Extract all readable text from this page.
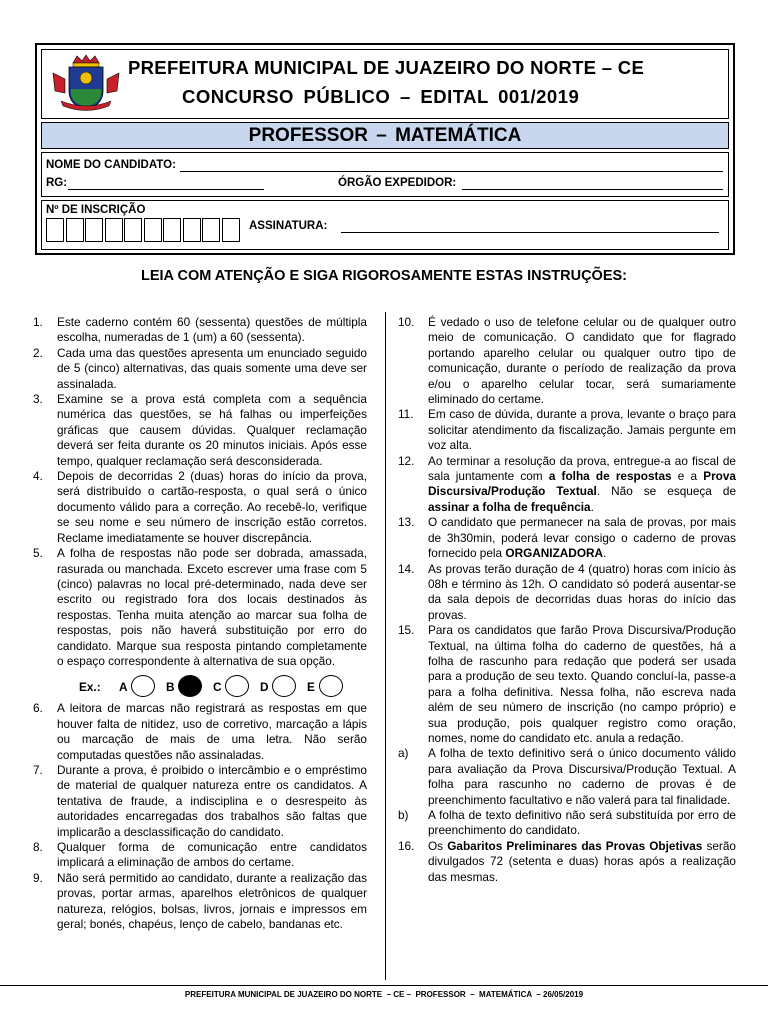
PREFEITURA MUNICIPAL DE JUAZEIRO DO NORTE – CE
CONCURSO PÚBLICO – EDITAL 001/2019
PROFESSOR – MATEMÁTICA
NOME DO CANDIDATO:
RG:	ÓRGÃO EXPEDIDOR:
Nº DE INSCRIÇÃO
ASSINATURA:
LEIA COM ATENÇÃO E SIGA RIGOROSAMENTE ESTAS INSTRUÇÕES:
1. Este caderno contém 60 (sessenta) questões de múltipla escolha, numeradas de 1 (um) a 60 (sessenta).
2. Cada uma das questões apresenta um enunciado seguido de 5 (cinco) alternativas, das quais somente uma deve ser assinalada.
3. Examine se a prova está completa com a sequência numérica das questões, se há falhas ou imperfeições gráficas que causem dúvidas. Qualquer reclamação deverá ser feita durante os 20 minutos iniciais. Após esse tempo, qualquer reclamação será desconsiderada.
4. Depois de decorridas 2 (duas) horas do início da prova, será distribuído o cartão-resposta, o qual será o único documento válido para a correção. Ao recebê-lo, verifique se seu nome e seu número de inscrição estão corretos. Reclame imediatamente se houver discrepância.
5. A folha de respostas não pode ser dobrada, amassada, rasurada ou manchada. Exceto escrever uma frase com 5 (cinco) palavras no local pré-determinado, nada deve ser escrito ou registrado fora dos locais destinados às respostas. Tenha muita atenção ao marcar sua folha de respostas, pois não haverá substituição por erro do candidato. Marque sua resposta pintando completamente o espaço correspondente à alternativa de sua opção.
Ex.: A	B	C	D	E
6. A leitora de marcas não registrará as respostas em que houver falta de nitidez, uso de corretivo, marcação a lápis ou marcação de mais de uma letra. Não serão computadas questões não assinaladas.
7. Durante a prova, é proibido o intercâmbio e o empréstimo de material de qualquer natureza entre os candidatos. A tentativa de fraude, a indisciplina e o desrespeito às autoridades encarregadas dos trabalhos são faltas que implicarão a desclassificação do candidato.
8. Qualquer forma de comunicação entre candidatos implicará a eliminação de ambos do certame.
9. Não será permitido ao candidato, durante a realização das provas, portar armas, aparelhos eletrônicos de qualquer natureza, relógios, bolsas, livros, jornais e impressos em geral; bonés, chapéus, lenço de cabelo, bandanas etc.
10. É vedado o uso de telefone celular ou de qualquer outro meio de comunicação. O candidato que for flagrado portando aparelho celular ou qualquer outro tipo de comunicação, durante o período de realização da prova e/ou o aparelho celular tocar, será sumariamente eliminado do certame.
11. Em caso de dúvida, durante a prova, levante o braço para solicitar atendimento da fiscalização. Jamais pergunte em voz alta.
12. Ao terminar a resolução da prova, entregue-a ao fiscal de sala juntamente com a folha de respostas e a Prova Discursiva/Produção Textual. Não se esqueça de assinar a folha de frequência.
13. O candidato que permanecer na sala de provas, por mais de 3h30min, poderá levar consigo o caderno de provas fornecido pela ORGANIZADORA.
14. As provas terão duração de 4 (quatro) horas com início às 08h e término às 12h. O candidato só poderá ausentar-se da sala depois de decorridas duas horas do início das provas.
15. Para os candidatos que farão Prova Discursiva/Produção Textual, na última folha do caderno de questões, há a folha de rascunho para redação que poderá ser usada para a produção de seu texto. Quando concluí-la, passe-a para a folha definitiva. Nessa folha, não escreva nada além de seu número de inscrição (no campo próprio) e sua produção, pois qualquer registro como oração, nomes, nome do candidato etc. anula a redação.
a) A folha de texto definitivo será o único documento válido para avaliação da Prova Discursiva/Produção Textual. A folha para rascunho no caderno de provas é de preenchimento facultativo e não valerá para tal finalidade.
b) A folha de texto definitivo não será substituída por erro de preenchimento do candidato.
16. Os Gabaritos Preliminares das Provas Objetivas serão divulgados 72 (setenta e duas) horas após a realização das mesmas.
PREFEITURA MUNICIPAL DE JUAZEIRO DO NORTE  – CE –  PROFESSOR  –  MATEMÁTICA  – 26/05/2019
